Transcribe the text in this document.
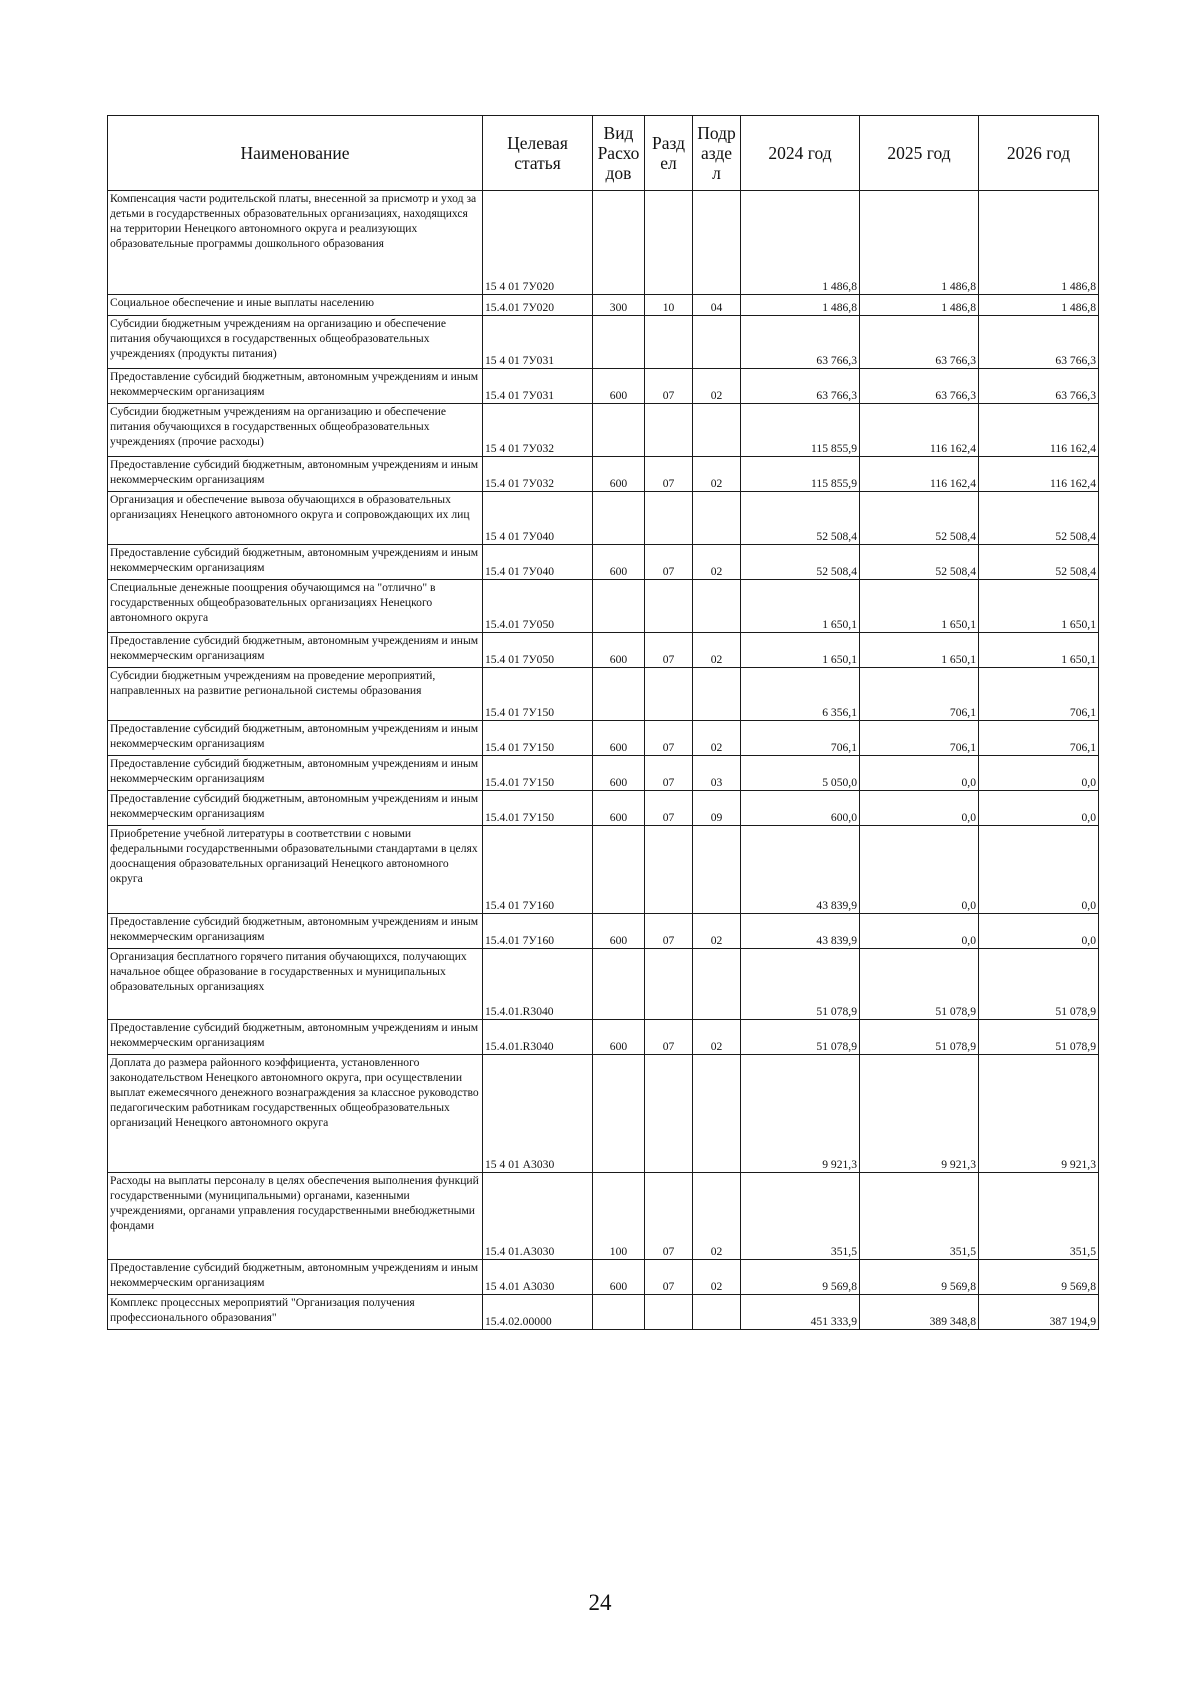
Наименование	Целевая статья	Вид Расхо дов	Разд ел	Подр азде л	2024 год	2025 год	2026 год
Компенсация части родительской платы, внесенной за присмотр и уход за детьми в государственных образовательных организациях, находящихся на территории Ненецкого автономного округа и реализующих образовательные программы дошкольного образования	15 4 01 7У020				1 486,8	1 486,8	1 486,8
Социальное обеспечение и иные выплаты населению	15.4.01 7У020	300	10	04	1 486,8	1 486,8	1 486,8
Субсидии бюджетным учреждениям на организацию и обеспечение питания обучающихся в государственных общеобразовательных учреждениях (продукты питания)	15 4 01 7У031				63 766,3	63 766,3	63 766,3
Предоставление субсидий бюджетным, автономным учреждениям и иным некоммерческим организациям	15.4 01 7У031	600	07	02	63 766,3	63 766,3	63 766,3
Субсидии бюджетным учреждениям на организацию и обеспечение питания обучающихся в государственных общеобразовательных учреждениях (прочие расходы)	15 4 01 7У032				115 855,9	116 162,4	116 162,4
Предоставление субсидий бюджетным, автономным учреждениям и иным некоммерческим организациям	15.4 01 7У032	600	07	02	115 855,9	116 162,4	116 162,4
Организация и обеспечение вывоза обучающихся в образовательных организациях Ненецкого автономного округа и сопровождающих их лиц	15 4 01 7У040				52 508,4	52 508,4	52 508,4
Предоставление субсидий бюджетным, автономным учреждениям и иным некоммерческим организациям	15.4 01 7У040	600	07	02	52 508,4	52 508,4	52 508,4
Специальные денежные поощрения обучающимся на "отлично" в государственных общеобразовательных организациях Ненецкого автономного округа	15.4.01 7У050				1 650,1	1 650,1	1 650,1
Предоставление субсидий бюджетным, автономным учреждениям и иным некоммерческим организациям	15.4 01 7У050	600	07	02	1 650,1	1 650,1	1 650,1
Субсидии бюджетным учреждениям на проведение мероприятий, направленных на развитие региональной системы образования	15.4 01 7У150				6 356,1	706,1	706,1
Предоставление субсидий бюджетным, автономным учреждениям и иным некоммерческим организациям	15.4 01 7У150	600	07	02	706,1	706,1	706,1
Предоставление субсидий бюджетным, автономным учреждениям и иным некоммерческим организациям	15.4.01 7У150	600	07	03	5 050,0	0,0	0,0
Предоставление субсидий бюджетным, автономным учреждениям и иным некоммерческим организациям	15.4.01 7У150	600	07	09	600,0	0,0	0,0
Приобретение учебной литературы в соответствии с новыми федеральными государственными образовательными стандартами в целях дооснащения образовательных организаций Ненецкого автономного округа	15.4 01 7У160				43 839,9	0,0	0,0
Предоставление субсидий бюджетным, автономным учреждениям и иным некоммерческим организациям	15.4.01 7У160	600	07	02	43 839,9	0,0	0,0
Организация бесплатного горячего питания обучающихся, получающих начальное общее образование в государственных и муниципальных образовательных организациях	15.4.01.R3040				51 078,9	51 078,9	51 078,9
Предоставление субсидий бюджетным, автономным учреждениям и иным некоммерческим организациям	15.4.01.R3040	600	07	02	51 078,9	51 078,9	51 078,9
Доплата до размера районного коэффициента, установленного законодательством Ненецкого автономного округа, при осуществлении выплат ежемесячного денежного вознаграждения за классное руководство педагогическим работникам государственных общеобразовательных организаций Ненецкого автономного округа	15 4 01 А3030				9 921,3	9 921,3	9 921,3
Расходы на выплаты персоналу в целях обеспечения выполнения функций государственными (муниципальными) органами, казенными учреждениями, органами управления государственными внебюджетными фондами	15.4 01.А3030	100	07	02	351,5	351,5	351,5
Предоставление субсидий бюджетным, автономным учреждениям и иным некоммерческим организациям	15 4.01 А3030	600	07	02	9 569,8	9 569,8	9 569,8
Комплекс процессных мероприятий "Организация получения профессионального образования"	15.4.02.00000				451 333,9	389 348,8	387 194,9
24
